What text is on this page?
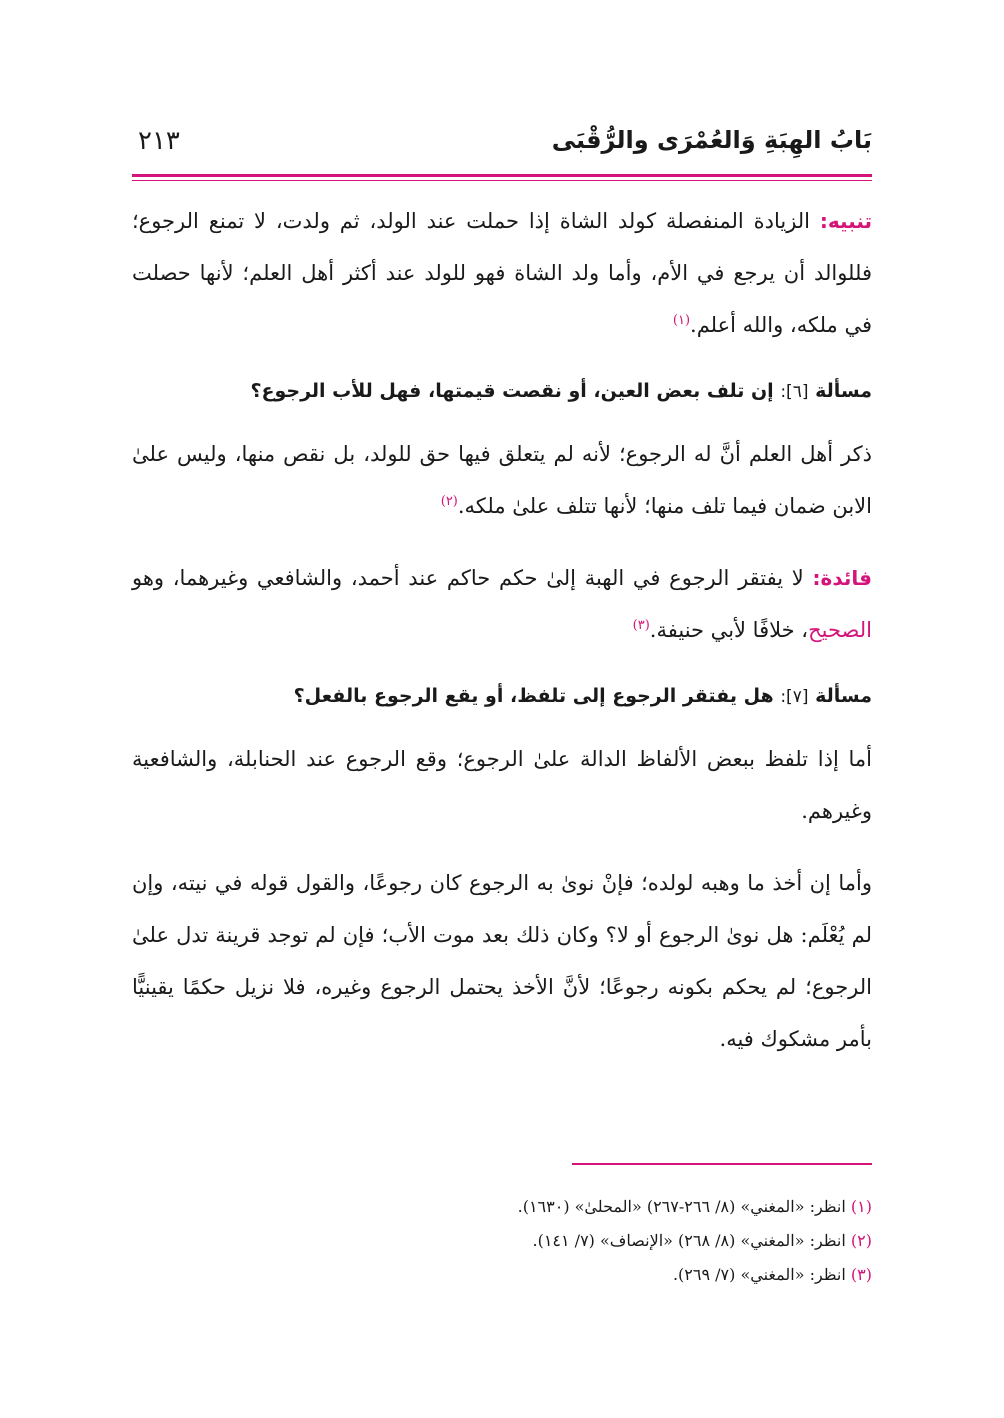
بَابُ الهِبَةِ وَالعُمْرَى والرُّقْبَى
٢١٣

تنبيه: الزيادة المنفصلة كولد الشاة إذا حملت عند الولد، ثم ولدت، لا تمنع الرجوع؛ فللوالد أن يرجع في الأم، وأما ولد الشاة فهو للولد عند أكثر أهل العلم؛ لأنها حصلت في ملكه، والله أعلم.$^{(١)}$

مسألة [٦]: إن تلف بعض العين، أو نقصت قيمتها، فهل للأب الرجوع؟

ذكر أهل العلم أنَّ له الرجوع؛ لأنه لم يتعلق فيها حق للولد، بل نقص منها، وليس علىٰ الابن ضمان فيما تلف منها؛ لأنها تتلف علىٰ ملكه.$^{(٢)}$

فائدة: لا يفتقر الرجوع في الهبة إلىٰ حكم حاكم عند أحمد، والشافعي وغيرهما، وهو الصحيح، خلافًا لأبي حنيفة.$^{(٣)}$

مسألة [٧]: هل يفتقر الرجوع إلى تلفظ، أو يقع الرجوع بالفعل؟

أما إذا تلفظ ببعض الألفاظ الدالة علىٰ الرجوع؛ وقع الرجوع عند الحنابلة، والشافعية وغيرهم.

وأما إن أخذ ما وهبه لولده؛ فإنْ نوىٰ به الرجوع كان رجوعًا، والقول قوله في نيته، وإن لم يُعْلَم: هل نوىٰ الرجوع أو لا؟ وكان ذلك بعد موت الأب؛ فإن لم توجد قرينة تدل علىٰ الرجوع؛ لم يحكم بكونه رجوعًا؛ لأنَّ الأخذ يحتمل الرجوع وغيره، فلا نزيل حكمًا يقينيًّا بأمر مشكوك فيه.

(١) انظر: «المغني» (٨/ ٢٦٦-٢٦٧) «المحلىٰ» (١٦٣٠).

(٢) انظر: «المغني» (٨/ ٢٦٨) «الإنصاف» (٧/ ١٤١).

(٣) انظر: «المغني» (٧/ ٢٦٩).
